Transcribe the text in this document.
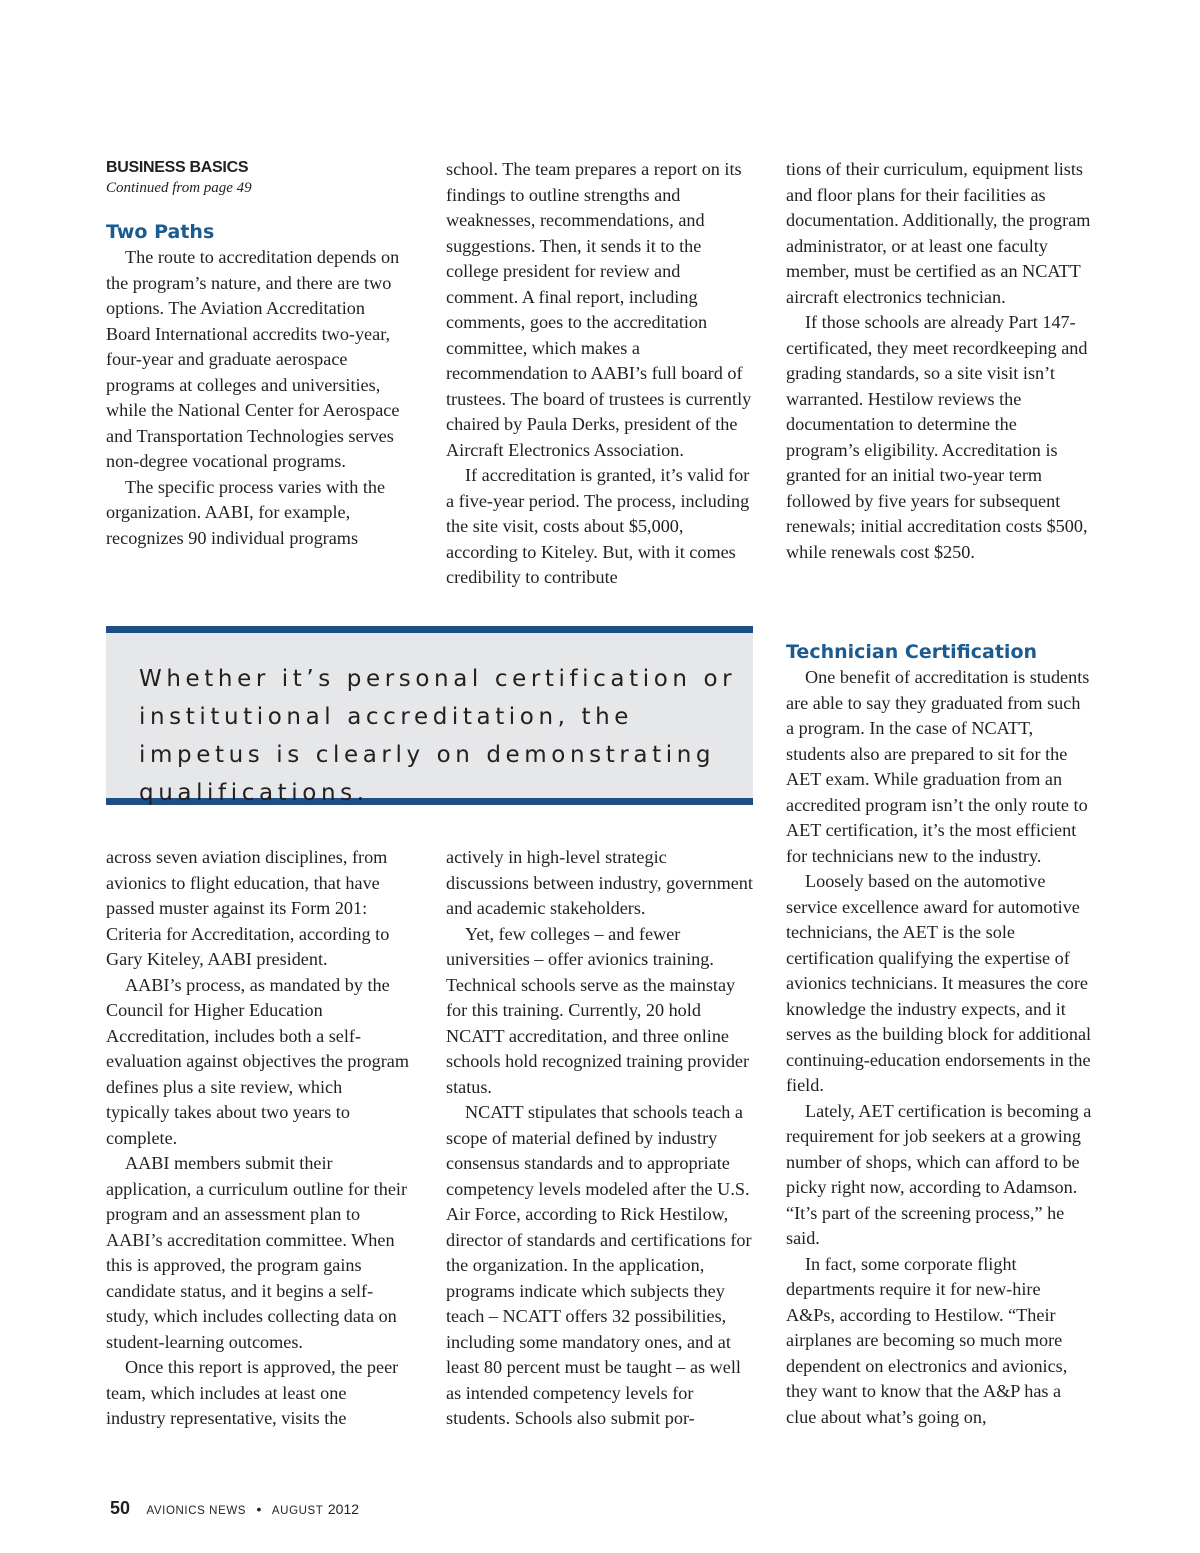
BUSINESS BASICS
Continued from page 49
Two Paths

The route to accreditation depends on the program’s nature, and there are two options. The Aviation Accreditation Board International accredits two-year, four-year and graduate aerospace programs at colleges and universities, while the National Center for Aerospace and Transportation Technologies serves non-degree vocational programs.

The specific process varies with the organization. AABI, for example, recognizes 90 individual programs

school. The team prepares a report on its findings to outline strengths and weaknesses, recommendations, and suggestions. Then, it sends it to the college president for review and comment. A final report, including comments, goes to the accreditation committee, which makes a recommendation to AABI’s full board of trustees. The board of trustees is currently chaired by Paula Derks, president of the Aircraft Electronics Association.

If accreditation is granted, it’s valid for a five-year period. The process, including the site visit, costs about $5,000, according to Kiteley. But, with it comes credibility to contribute

Whether it’s personal certification or institutional accreditation, the impetus is clearly on demonstrating qualifications.

across seven aviation disciplines, from avionics to flight education, that have passed muster against its Form 201: Criteria for Accreditation, according to Gary Kiteley, AABI president.

AABI’s process, as mandated by the Council for Higher Education Accreditation, includes both a self-evaluation against objectives the program defines plus a site review, which typically takes about two years to complete.

AABI members submit their application, a curriculum outline for their program and an assessment plan to AABI’s accreditation committee. When this is approved, the program gains candidate status, and it begins a self-study, which includes collecting data on student-learning outcomes.

Once this report is approved, the peer team, which includes at least one industry representative, visits the

actively in high-level strategic discussions between industry, government and academic stakeholders.

Yet, few colleges – and fewer universities – offer avionics training. Technical schools serve as the mainstay for this training. Currently, 20 hold NCATT accreditation, and three online schools hold recognized training provider status.

NCATT stipulates that schools teach a scope of material defined by industry consensus standards and to appropriate competency levels modeled after the U.S. Air Force, according to Rick Hestilow, director of standards and certifications for the organization. In the application, programs indicate which subjects they teach – NCATT offers 32 possibilities, including some mandatory ones, and at least 80 percent must be taught – as well as intended competency levels for students. Schools also submit por-

tions of their curriculum, equipment lists and floor plans for their facilities as documentation. Additionally, the program administrator, or at least one faculty member, must be certified as an NCATT aircraft electronics technician.

If those schools are already Part 147-certificated, they meet recordkeeping and grading standards, so a site visit isn’t warranted. Hestilow reviews the documentation to determine the program’s eligibility. Accreditation is granted for an initial two-year term followed by five years for subsequent renewals; initial accreditation costs $500, while renewals cost $250.

Technician Certification

One benefit of accreditation is students are able to say they graduated from such a program. In the case of NCATT, students also are prepared to sit for the AET exam. While graduation from an accredited program isn’t the only route to AET certification, it’s the most efficient for technicians new to the industry.

Loosely based on the automotive service excellence award for automotive technicians, the AET is the sole certification qualifying the expertise of avionics technicians. It measures the core knowledge the industry expects, and it serves as the building block for additional continuing-education endorsements in the field.

Lately, AET certification is becoming a requirement for job seekers at a growing number of shops, which can afford to be picky right now, according to Adamson. “It’s part of the screening process,” he said.

In fact, some corporate flight departments require it for new-hire A&Ps, according to Hestilow. “Their airplanes are becoming so much more dependent on electronics and avionics, they want to know that the A&P has a clue about what’s going on,

50 AVIONICS NEWS • AUGUST 2012
